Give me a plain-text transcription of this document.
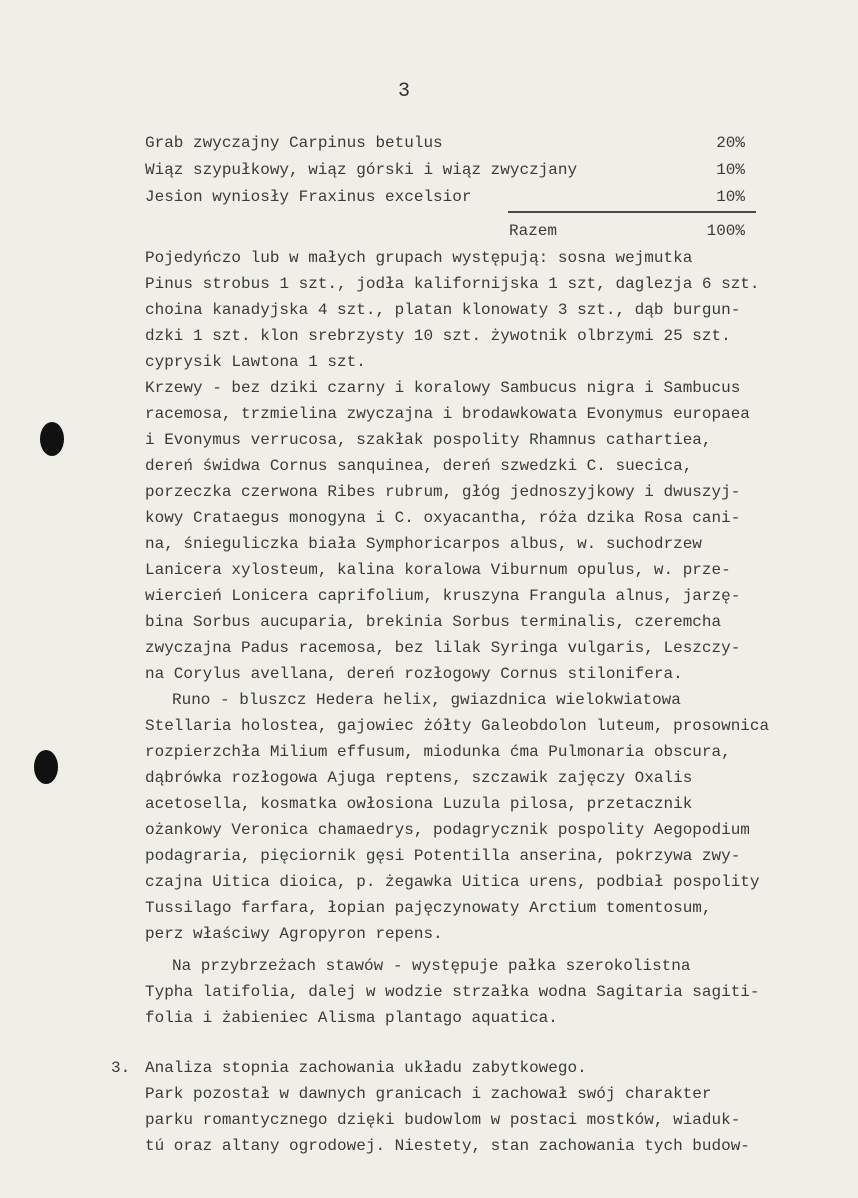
3
Grab zwyczajny Carpinus betulus	20%
Wiąz szypułkowy, wiąz górski i wiąz zwyczjany	10%
Jesion wyniosły Fraxinus excelsior	10%
Razem	100%
Pojedyńczo lub w małych grupach występują: sosna wejmutka
Pinus strobus 1 szt., jodła kalifornijska 1 szt, daglezja 6 szt.
choina kanadyjska 4 szt., platan klonowaty 3 szt., dąb burgun-
dzki 1 szt. klon srebrzysty 10 szt. żywotnik olbrzymi 25 szt.
cyprysik Lawtona 1 szt.
Krzewy - bez dziki czarny i koralowy Sambucus nigra i Sambucus
racemosa, trzmielina zwyczajna i brodawkowata Evonymus europaea
i Evonymus verrucosa, szakłak pospolity Rhamnus cathartiea,
dereń świdwa Cornus sanquinea, dereń szwedzki C. suecica,
porzeczka czerwona Ribes rubrum, głóg jednoszyjkowy i dwuszyj-
kowy Crataegus monogyna i C. oxyacantha, róża dzika Rosa cani-
na, śnieguliczka biała Symphoricarpos albus, w. suchodrzew
Lanicera xylosteum, kalina koralowa Viburnum opulus, w. prze-
wiercień Lonicera caprifolium, kruszyna Frangula alnus, jarzę-
bina Sorbus aucuparia, brekinia Sorbus terminalis, czeremcha
zwyczajna Padus racemosa, bez lilak Syringa vulgaris, Leszczy-
na Corylus avellana, dereń rozłogowy Cornus stilonifera.
Runo - bluszcz Hedera helix, gwiazdnica wielokwiatowa
Stellaria holostea, gajowiec żółty Galeobdolon luteum, prosownica
rozpierzchła Milium effusum, miodunka ćma Pulmonaria obscura,
dąbrówka rozłogowa Ajuga reptens, szczawik zajęczy Oxalis
acetosella, kosmatka owłosiona Luzula pilosa, przetacznik
ożankowy Veronica chamaedrys, podagrycznik pospolity Aegopodium
podagraria, pięciornik gęsi Potentilla anserina, pokrzywa zwy-
czajna Uitica dioica, p. żegawka Uitica urens, podbiał pospolity
Tussilago farfara, łopian pajęczynowaty Arctium tomentosum,
perz właściwy Agropyron repens.
Na przybrzeżach stawów - występuje pałka szerokolistna
Typha latifolia, dalej w wodzie strzałka wodna Sagitaria sagiti-
folia i żabieniec Alisma plantago aquatica.
3. Analiza stopnia zachowania układu zabytkowego.
Park pozostał w dawnych granicach i zachował swój charakter
parku romantycznego dzięki budowlom w postaci mostków, wiaduk-
tú oraz altany ogrodowej. Niestety, stan zachowania tych budow-
